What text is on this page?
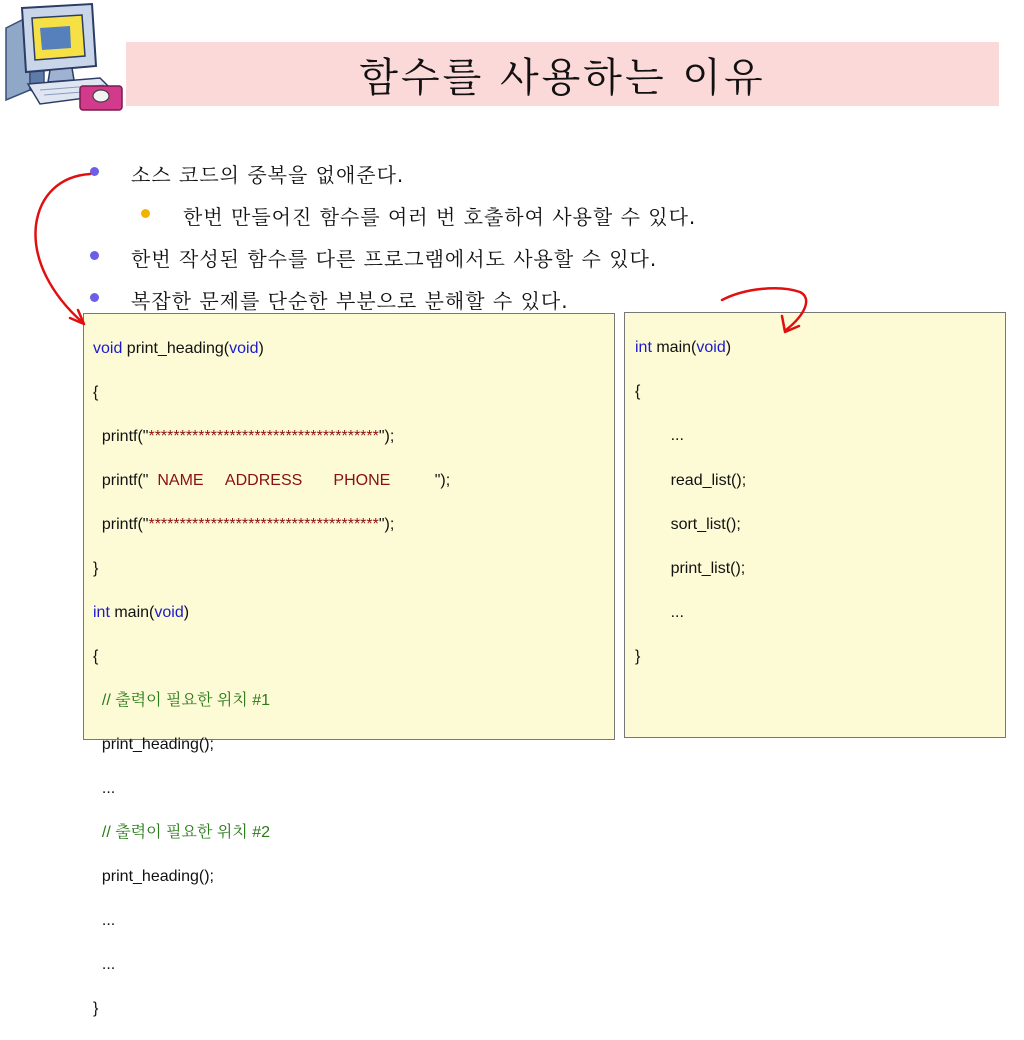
함수를 사용하는 이유
소스 코드의 중복을 없애준다.
한번 만들어진 함수를 여러 번 호출하여 사용할 수 있다.
한번 작성된 함수를 다른 프로그램에서도 사용할 수 있다.
복잡한 문제를 단순한 부분으로 분해할 수 있다.

void print_heading(void)

{

printf("*************************************");

printf("  NAME     ADDRESS       PHONE          ");

printf("*************************************");

}

int main(void)

{

// 출력이 필요한 위치 #1

print_heading();

...

// 출력이 필요한 위치 #2

print_heading();

...

...

}

int main(void)

{

...

read_list();

sort_list();

print_list();

...

}
